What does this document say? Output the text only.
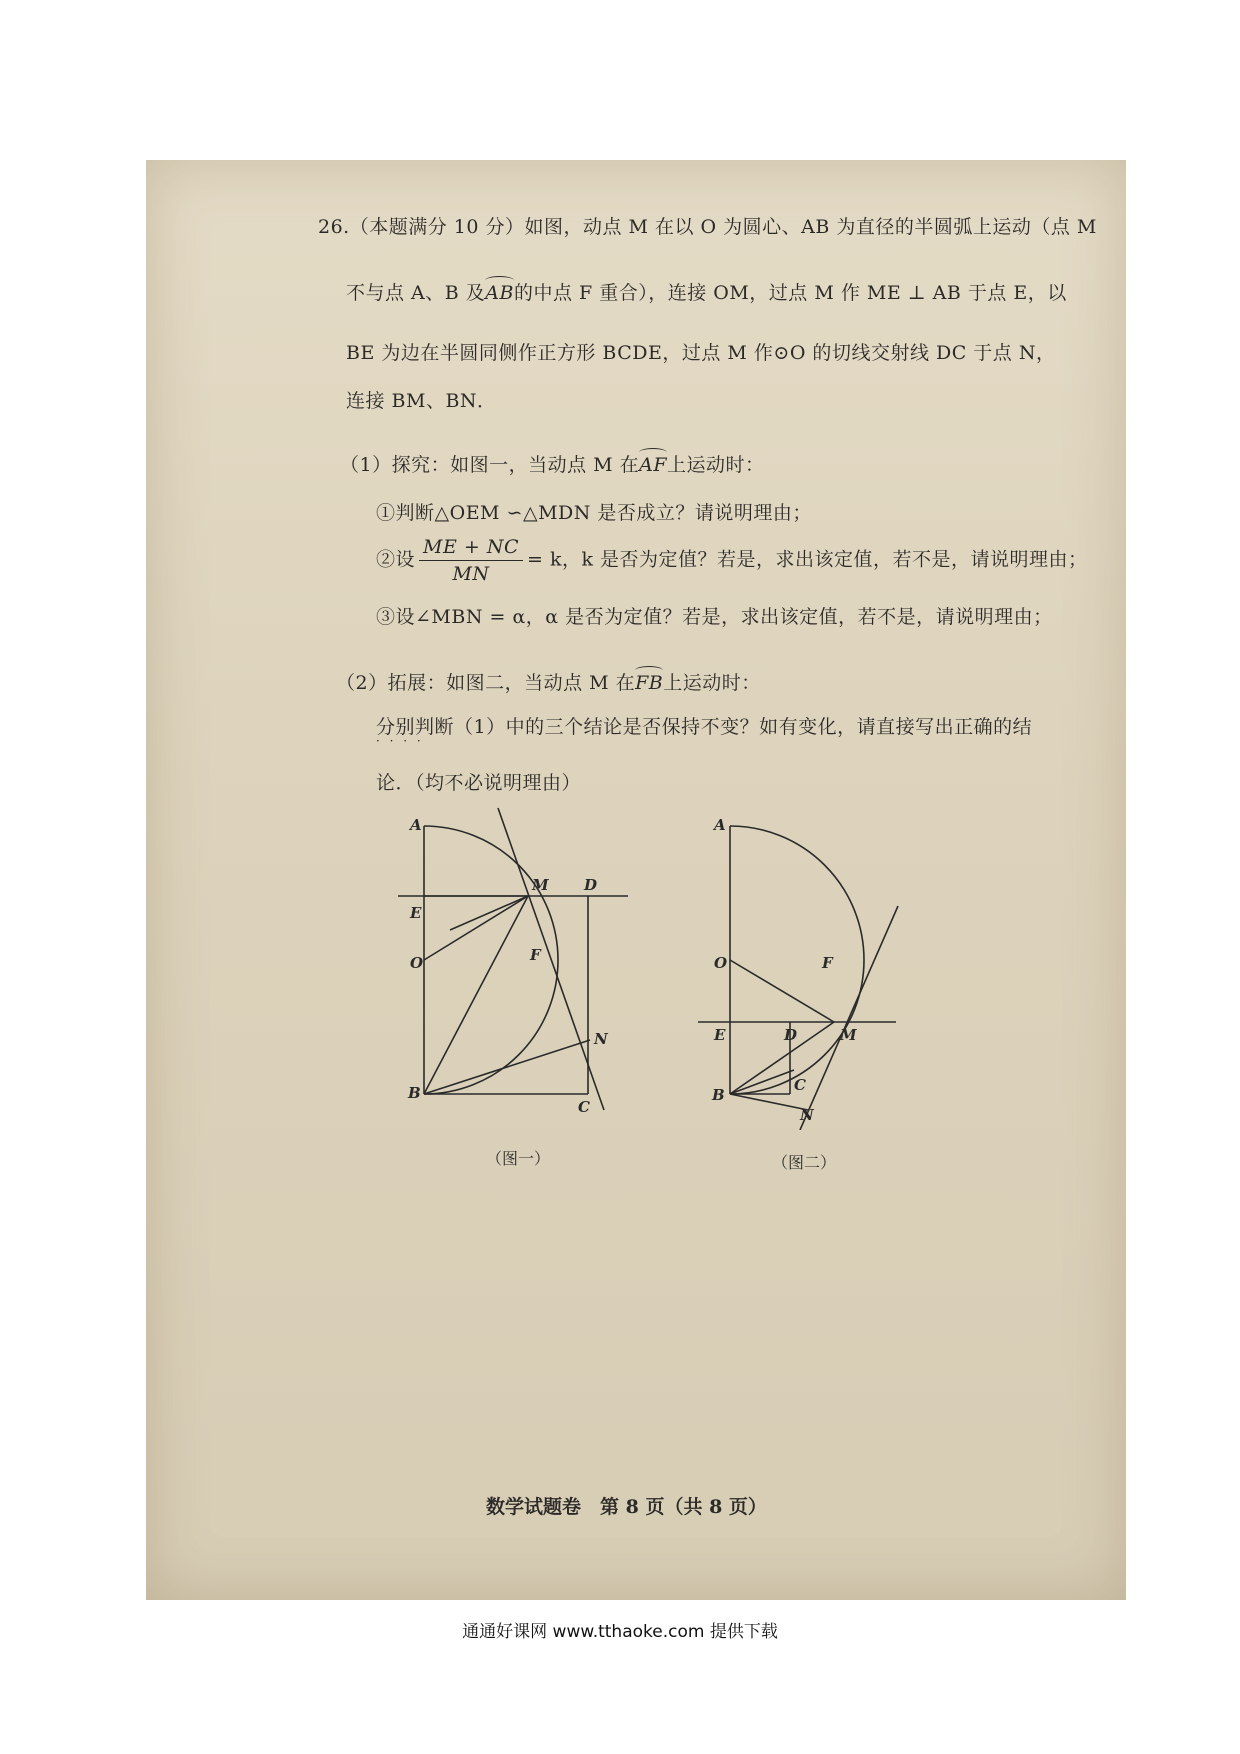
26.（本题满分 10 分）如图，动点 M 在以 O 为圆心、AB 为直径的半圆弧上运动（点 M
不与点 A、B 及AB的中点 F 重合），连接 OM，过点 M 作 ME ⊥ AB 于点 E，以
BE 为边在半圆同侧作正方形 BCDE，过点 M 作⊙O 的切线交射线 DC 于点 N，
连接 BM、BN．
（1）探究：如图一，当动点 M 在AF上运动时：
①判断△OEM ∽△MDN 是否成立？请说明理由；
②设 $\frac{ME + NC}{MN} = k$，k 是否为定值？若是，求出该定值，若不是，请说明理由；
③设∠MBN = α，α 是否为定值？若是，求出该定值，若不是，请说明理由；
（2）拓展：如图二，当动点 M 在FB上运动时：
分别判断 · · · ·（1）中的三个结论是否保持不变？如有变化，请直接写出正确的结
论．（均不必说明理由）
A
E
O
B
M D
F
N
C
（图一）
A
O
E
B
D	M
F
C
N
（图二）
数学试题卷　第 8 页（共 8 页）
通通好课网 www.tthaoke.com 提供下载
